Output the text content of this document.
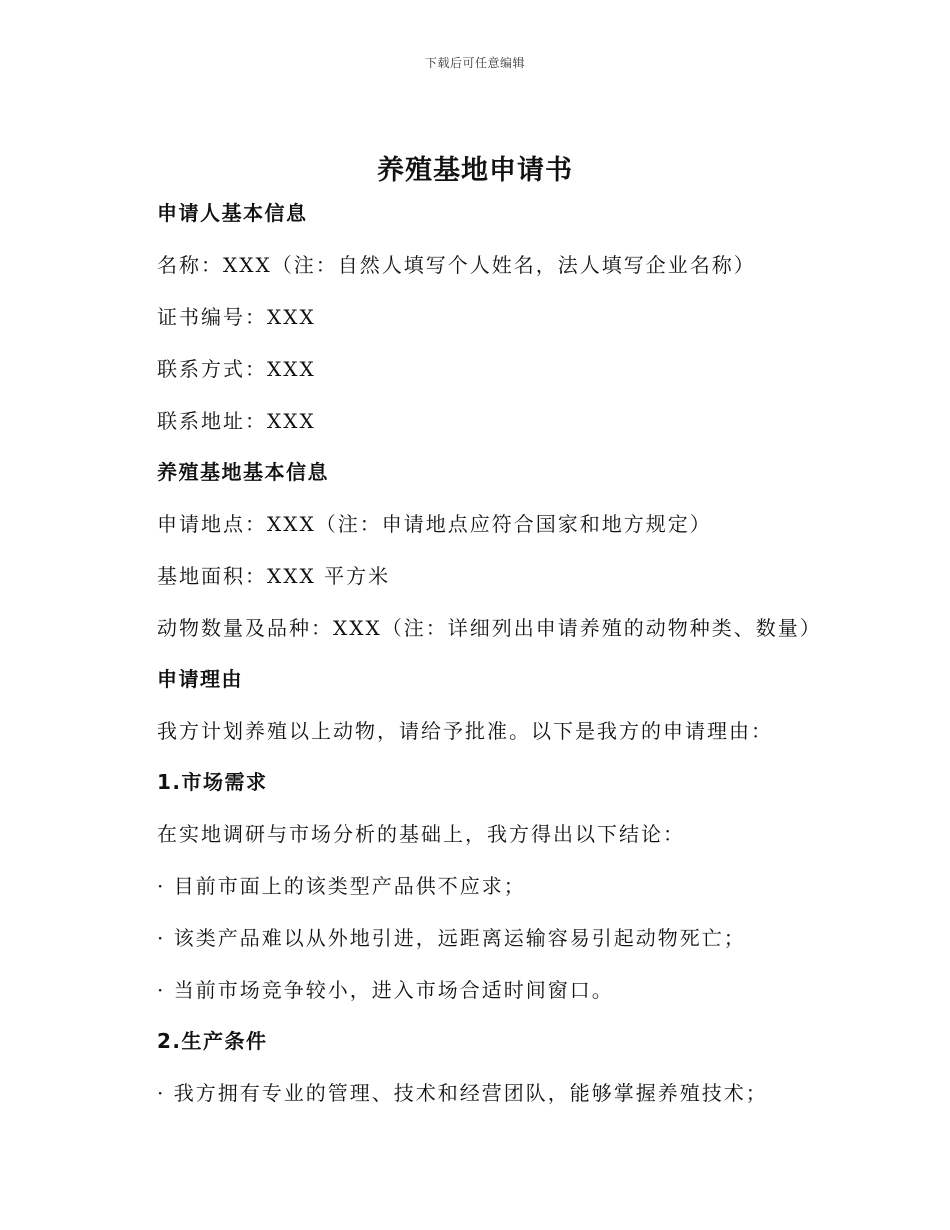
下载后可任意编辑
养殖基地申请书
申请人基本信息
名称：XXX（注：自然人填写个人姓名，法人填写企业名称）
证书编号：XXX
联系方式：XXX
联系地址：XXX
养殖基地基本信息
申请地点：XXX（注：申请地点应符合国家和地方规定）
基地面积：XXX 平方米
动物数量及品种：XXX（注：详细列出申请养殖的动物种类、数量）
申请理由
我方计划养殖以上动物，请给予批准。以下是我方的申请理由：
1.市场需求
在实地调研与市场分析的基础上，我方得出以下结论：
· 目前市面上的该类型产品供不应求；
· 该类产品难以从外地引进，远距离运输容易引起动物死亡；
· 当前市场竞争较小，进入市场合适时间窗口。
2.生产条件
· 我方拥有专业的管理、技术和经营团队，能够掌握养殖技术；
